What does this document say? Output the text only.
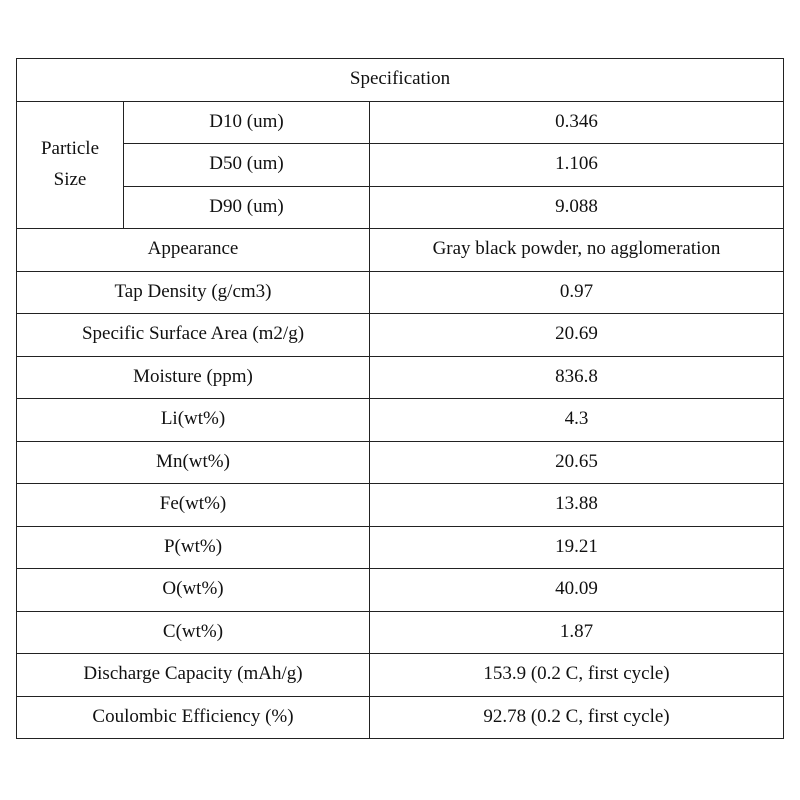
Specification		

Particle
Size	D10 (um)	0.346
	D50 (um)	1.106
	D90 (um)	9.088
Appearance		Gray black powder, no agglomeration
Tap Density (g/cm3)		0.97
Specific Surface Area (m2/g)		20.69
Moisture (ppm)		836.8
Li(wt%)		4.3
Mn(wt%)		20.65
Fe(wt%)		13.88
P(wt%)		19.21
O(wt%)		40.09
C(wt%)		1.87
Discharge Capacity (mAh/g)		153.9 (0.2 C, first cycle)
Coulombic Efficiency (%)		92.78 (0.2 C, first cycle)
